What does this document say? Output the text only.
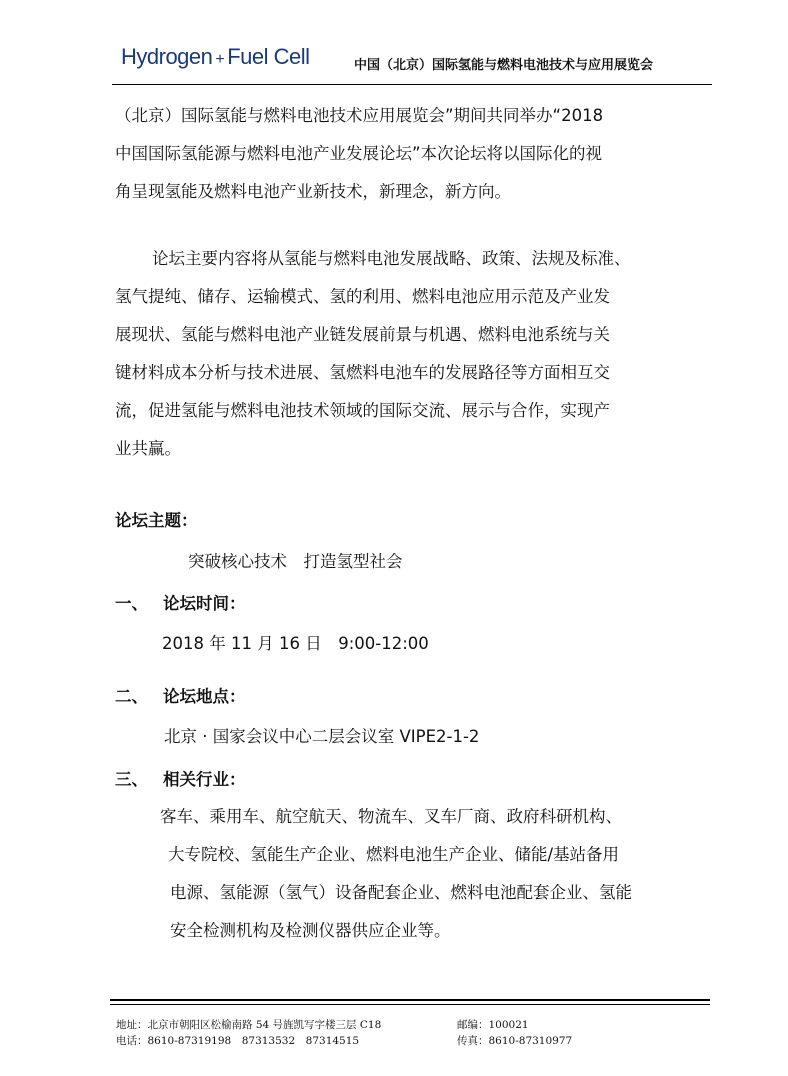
Hydrogen + Fuel Cell	中国（北京）国际氢能与燃料电池技术与应用展览会
（北京）国际氢能与燃料电池技术应用展览会”期间共同举办“2018
中国国际氢能源与燃料电池产业发展论坛”本次论坛将以国际化的视
角呈现氢能及燃料电池产业新技术，新理念，新方向。
论坛主要内容将从氢能与燃料电池发展战略、政策、法规及标准、
氢气提纯、储存、运输模式、氢的利用、燃料电池应用示范及产业发
展现状、氢能与燃料电池产业链发展前景与机遇、燃料电池系统与关
键材料成本分析与技术进展、氢燃料电池车的发展路径等方面相互交
流，促进氢能与燃料电池技术领域的国际交流、展示与合作，实现产
业共赢。
论坛主题：
突破核心技术　打造氢型社会
一、 论坛时间：
2018 年 11 月 16 日　9:00-12:00
二、 论坛地点：
北京 · 国家会议中心二层会议室 VIPE2-1-2
三、 相关行业：
客车、乘用车、航空航天、物流车、叉车厂商、政府科研机构、
大专院校、氢能生产企业、燃料电池生产企业、储能/基站备用
电源、氢能源（氢气）设备配套企业、燃料电池配套企业、氢能
安全检测机构及检测仪器供应企业等。
地址：北京市朝阳区松榆南路 54 号旌凯写字楼三层 C18	邮编：100021
电话：8610-87319198　87313532　87314515	传真：8610-87310977
